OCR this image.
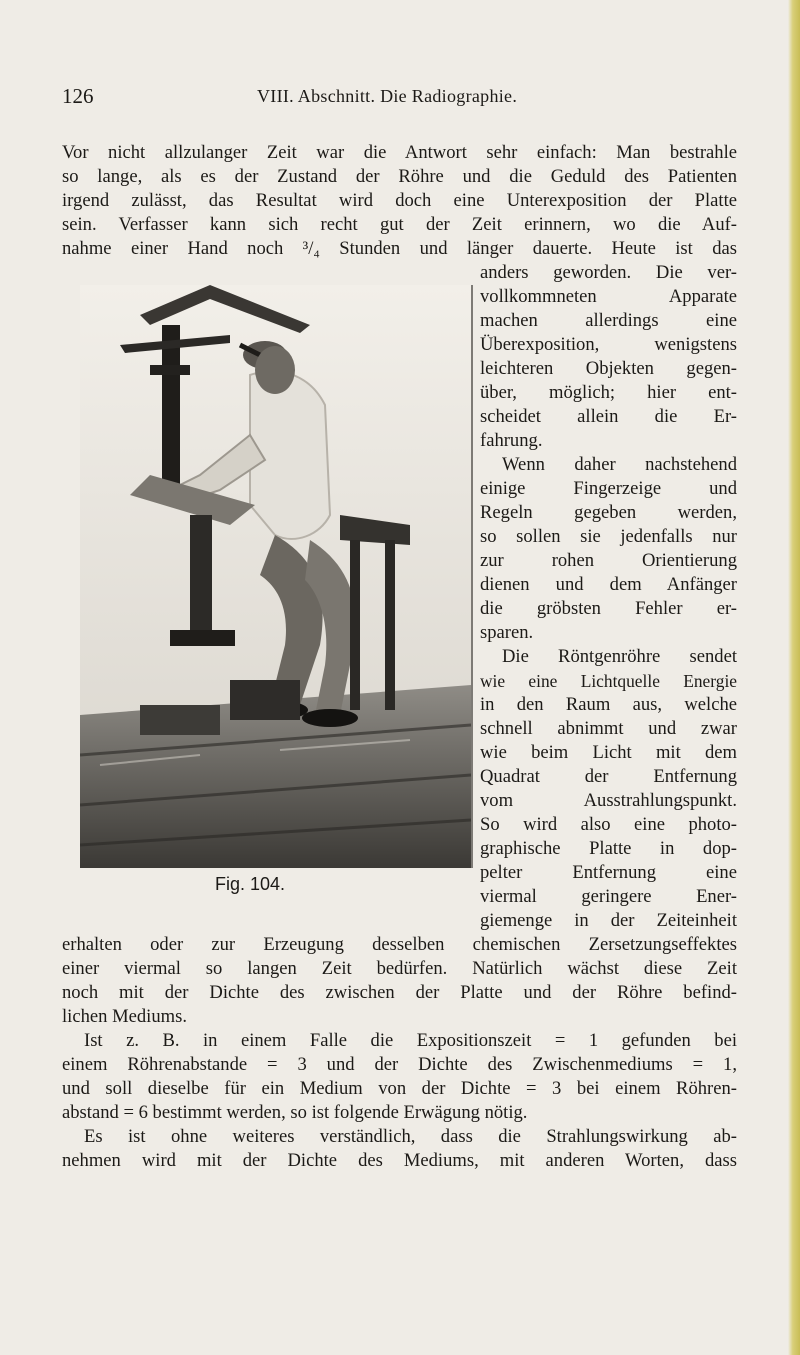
126	VIII. Abschnitt. Die Radiographie.
Vor nicht allzulanger Zeit war die Antwort sehr einfach: Man bestrahle
so lange, als es der Zustand der Röhre und die Geduld des Patienten
irgend zulässt, das Resultat wird doch eine Unterexposition der Platte
sein. Verfasser kann sich recht gut der Zeit erinnern, wo die Auf-
nahme einer Hand noch ³/₄ Stunden und länger dauerte. Heute ist das
anders geworden. Die ver-
vollkommneten Apparate
machen allerdings eine
Überexposition, wenigstens
leichteren Objekten gegen-
über, möglich; hier ent-
scheidet allein die Er-
fahrung.
Wenn daher nachstehend
einige Fingerzeige und
Regeln gegeben werden,
so sollen sie jedenfalls nur
zur rohen Orientierung
dienen und dem Anfänger
die gröbsten Fehler er-
sparen.
Die Röntgenröhre sendet
wie eine Lichtquelle Energie
in den Raum aus, welche
schnell abnimmt und zwar
wie beim Licht mit dem
Quadrat der Entfernung
vom Ausstrahlungspunkt.
So wird also eine photo-
graphische Platte in dop-
pelter Entfernung eine
viermal geringere Ener-
giemenge in der Zeiteinheit
erhalten oder zur Erzeugung desselben chemischen Zersetzungseffektes
einer viermal so langen Zeit bedürfen. Natürlich wächst diese Zeit
noch mit der Dichte des zwischen der Platte und der Röhre befind-
lichen Mediums.
Ist z. B. in einem Falle die Expositionszeit = 1 gefunden bei
einem Röhrenabstande = 3 und der Dichte des Zwischenmediums = 1,
und soll dieselbe für ein Medium von der Dichte = 3 bei einem Röhren-
abstand = 6 bestimmt werden, so ist folgende Erwägung nötig.
Es ist ohne weiteres verständlich, dass die Strahlungswirkung ab-
nehmen wird mit der Dichte des Mediums, mit anderen Worten, dass
Fig. 104.
